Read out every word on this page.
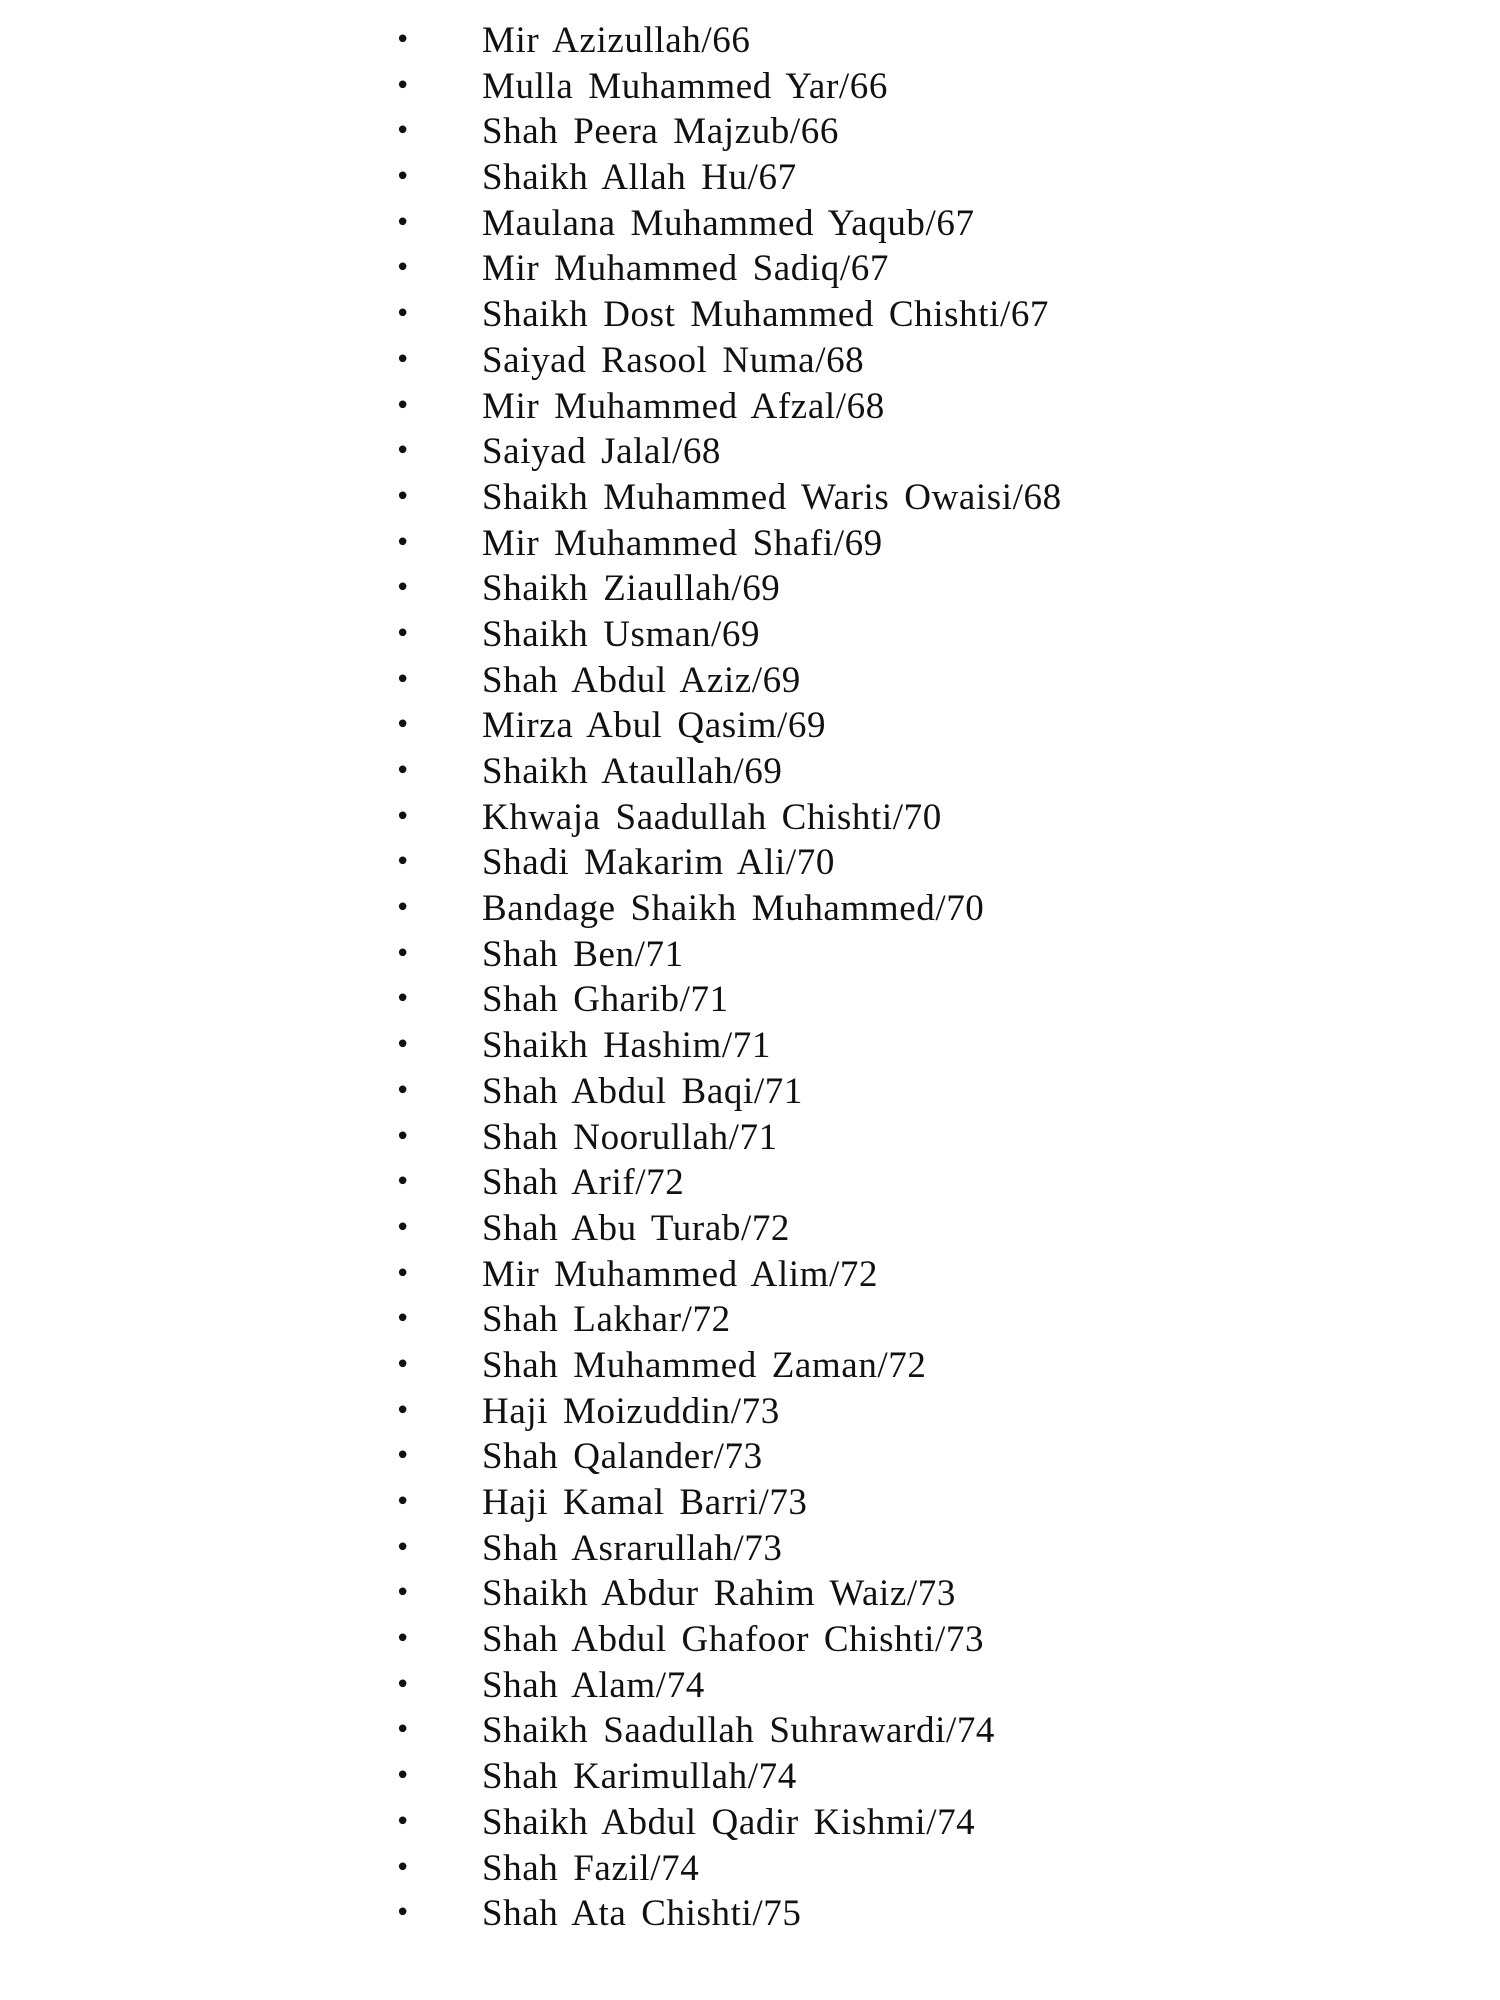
• Mir Azizullah/66
• Mulla Muhammed Yar/66
• Shah Peera Majzub/66
• Shaikh Allah Hu/67
• Maulana Muhammed Yaqub/67
• Mir Muhammed Sadiq/67
• Shaikh Dost Muhammed Chishti/67
• Saiyad Rasool Numa/68
• Mir Muhammed Afzal/68
• Saiyad Jalal/68
• Shaikh Muhammed Waris Owaisi/68
• Mir Muhammed Shafi/69
• Shaikh Ziaullah/69
• Shaikh Usman/69
• Shah Abdul Aziz/69
• Mirza Abul Qasim/69
• Shaikh Ataullah/69
• Khwaja Saadullah Chishti/70
• Shadi Makarim Ali/70
• Bandage Shaikh Muhammed/70
• Shah Ben/71
• Shah Gharib/71
• Shaikh Hashim/71
• Shah Abdul Baqi/71
• Shah Noorullah/71
• Shah Arif/72
• Shah Abu Turab/72
• Mir Muhammed Alim/72
• Shah Lakhar/72
• Shah Muhammed Zaman/72
• Haji Moizuddin/73
• Shah Qalander/73
• Haji Kamal Barri/73
• Shah Asrarullah/73
• Shaikh Abdur Rahim Waiz/73
• Shah Abdul Ghafoor Chishti/73
• Shah Alam/74
• Shaikh Saadullah Suhrawardi/74
• Shah Karimullah/74
• Shaikh Abdul Qadir Kishmi/74
• Shah Fazil/74
• Shah Ata Chishti/75
